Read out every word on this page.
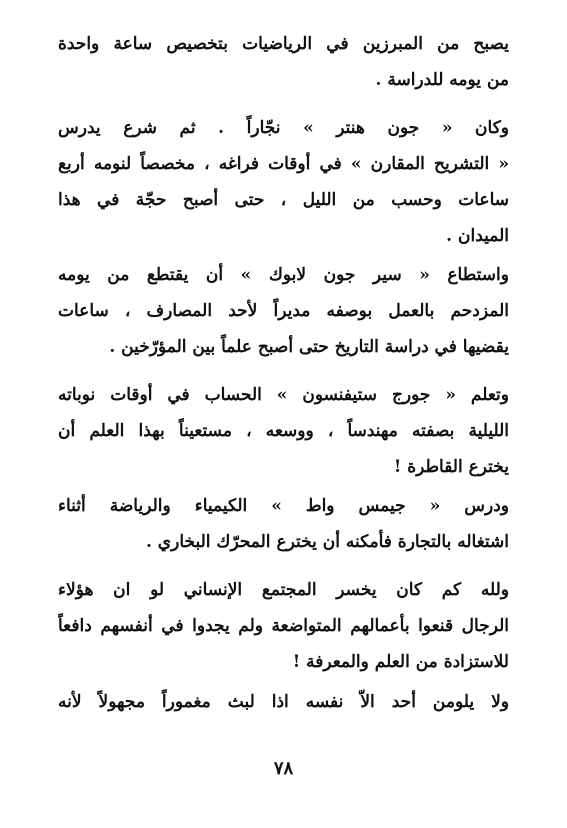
يصبح من المبرزين في الرياضيات بتخصيص ساعة واحدة
من يومه للدراسة .
وكان « جون هنتر » نجّاراً . ثم شرع يدرس
« التشريح المقارن » في أوقات فراغه ، مخصصاً لنومه أربع
ساعات وحسب من الليل ، حتى أصبح حجّة في هذا
الميدان .
واستطاع « سير جون لابوك » أن يقتطع من يومه
المزدحم بالعمل بوصفه مديراً لأحد المصارف ، ساعات
يقضيها في دراسة التاريخ حتى أصبح علماً بين المؤرّخين .
وتعلم « جورج ستيفنسون » الحساب في أوقات نوباته
الليلية بصفته مهندساً ، ووسعه ، مستعيناً بهذا العلم أن
يخترع القاطرة !
ودرس « جيمس واط » الكيمياء والرياضة أثناء
اشتغاله بالتجارة فأمكنه أن يخترع المحرّك البخاري .
ولله كم كان يخسر المجتمع الإنساني لو ان هؤلاء
الرجال قنعوا بأعمالهم المتواضعة ولم يجدوا في أنفسهم دافعاً
للاستزادة من العلم والمعرفة !
ولا يلومن أحد الاّ نفسه اذا لبث مغموراً مجهولاً لأنه
٧٨
